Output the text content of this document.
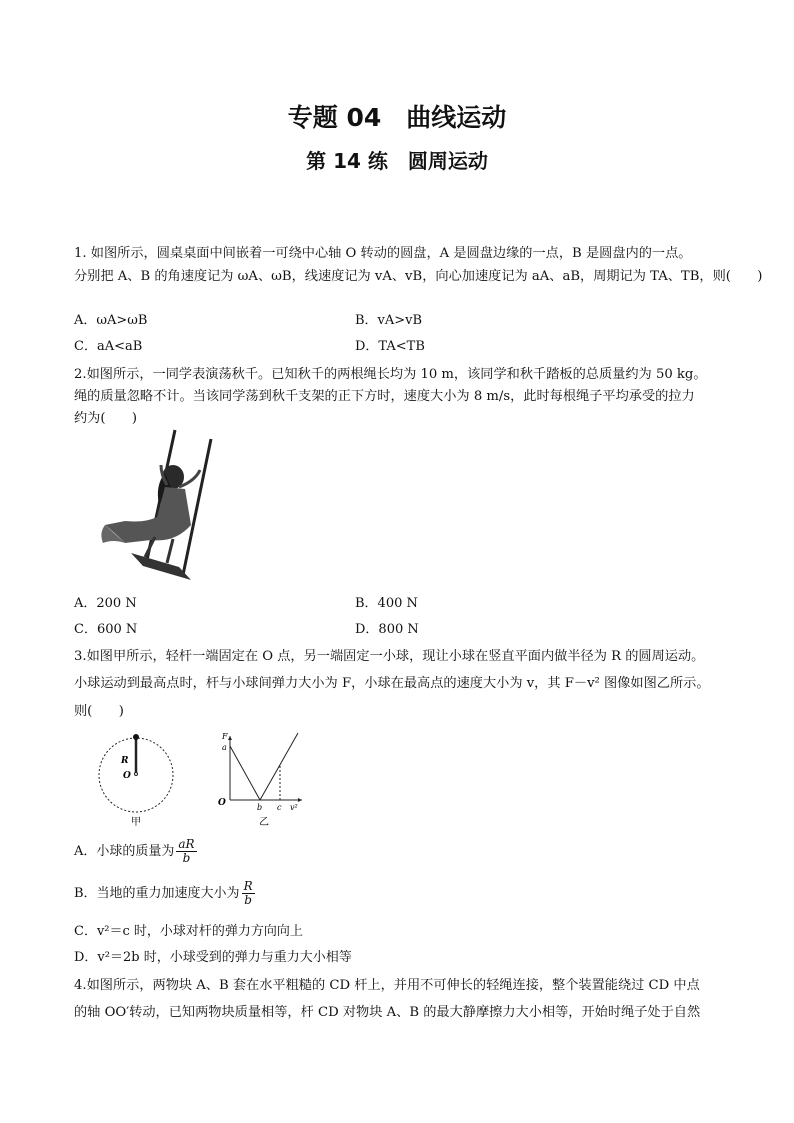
专题 04　曲线运动
第 14 练　圆周运动
1. 如图所示，圆桌桌面中间嵌着一可绕中心轴 O 转动的圆盘，A 是圆盘边缘的一点，B 是圆盘内的一点。
分别把 A、B 的角速度记为 ωA、ωB，线速度记为 vA、vB，向心加速度记为 aA、aB，周期记为 TA、TB，则(　　)
A．ωA>ωB	B．vA>vB
C．aA<aB	D．TA<TB
2.如图所示，一同学表演荡秋千。已知秋千的两根绳长均为 10 m，该同学和秋千踏板的总质量约为 50 kg。
绳的质量忽略不计。当该同学荡到秋千支架的正下方时，速度大小为 8 m/s，此时每根绳子平均承受的拉力
约为(　　)
A．200 N	B．400 N
C．600 N	D．800 N
3.如图甲所示，轻杆一端固定在 O 点，另一端固定一小球，现让小球在竖直平面内做半径为 R 的圆周运动。
小球运动到最高点时，杆与小球间弹力大小为 F，小球在最高点的速度大小为 v，其 F－v² 图像如图乙所示。
则(　　)
R
O
甲
F
a
O	b c v²
乙
A．小球的质量为 $\frac{aR}{b}$
B．当地的重力加速度大小为 $\frac{R}{b}$
C．v²＝c 时，小球对杆的弹力方向向上
D．v²＝2b 时，小球受到的弹力与重力大小相等
4.如图所示，两物块 A、B 套在水平粗糙的 CD 杆上，并用不可伸长的轻绳连接，整个装置能绕过 CD 中点
的轴 OO′转动，已知两物块质量相等，杆 CD 对物块 A、B 的最大静摩擦力大小相等，开始时绳子处于自然
